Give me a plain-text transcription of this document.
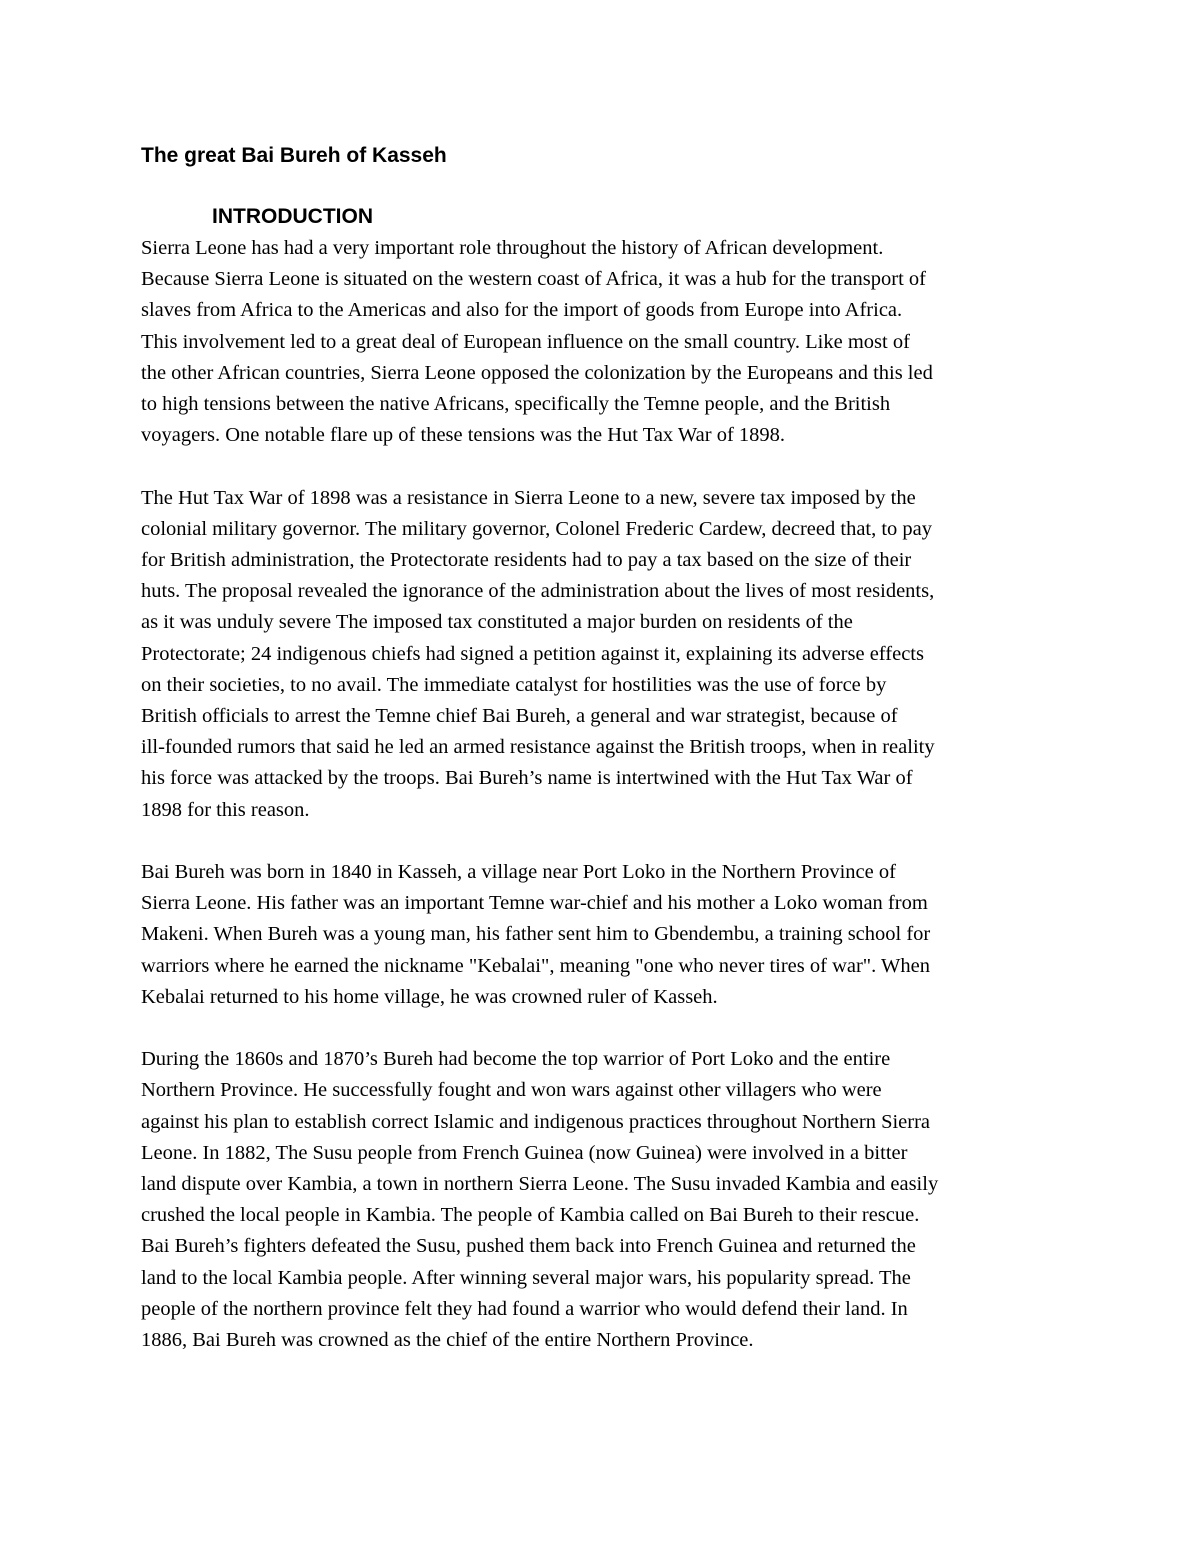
The great Bai Bureh of Kasseh
INTRODUCTION

Sierra Leone has had a very important role throughout the history of African development.
Because Sierra Leone is situated on the western coast of Africa, it was a hub for the transport of
slaves from Africa to the Americas and also for the import of goods from Europe into Africa.
This involvement led to a great deal of European influence on the small country. Like most of
the other African countries, Sierra Leone opposed the colonization by the Europeans and this led
to high tensions between the native Africans, specifically the Temne people, and the British
voyagers. One notable flare up of these tensions was the Hut Tax War of 1898.

The Hut Tax War of 1898 was a resistance in Sierra Leone to a new, severe tax imposed by the
colonial military governor. The military governor, Colonel Frederic Cardew, decreed that, to pay
for British administration, the Protectorate residents had to pay a tax based on the size of their
huts. The proposal revealed the ignorance of the administration about the lives of most residents,
as it was unduly severe The imposed tax constituted a major burden on residents of the
Protectorate; 24 indigenous chiefs had signed a petition against it, explaining its adverse effects
on their societies, to no avail. The immediate catalyst for hostilities was the use of force by
British officials to arrest the Temne chief Bai Bureh, a general and war strategist, because of
ill-founded rumors that said he led an armed resistance against the British troops, when in reality
his force was attacked by the troops. Bai Bureh’s name is intertwined with the Hut Tax War of
1898 for this reason.

Bai Bureh was born in 1840 in Kasseh, a village near Port Loko in the Northern Province of
Sierra Leone. His father was an important Temne war-chief and his mother a Loko woman from
Makeni. When Bureh was a young man, his father sent him to Gbendembu, a training school for
warriors where he earned the nickname "Kebalai", meaning "one who never tires of war". When
Kebalai returned to his home village, he was crowned ruler of Kasseh.

During the 1860s and 1870’s Bureh had become the top warrior of Port Loko and the entire
Northern Province. He successfully fought and won wars against other villagers who were
against his plan to establish correct Islamic and indigenous practices throughout Northern Sierra
Leone. In 1882, The Susu people from French Guinea (now Guinea) were involved in a bitter
land dispute over Kambia, a town in northern Sierra Leone. The Susu invaded Kambia and easily
crushed the local people in Kambia. The people of Kambia called on Bai Bureh to their rescue.
Bai Bureh’s fighters defeated the Susu, pushed them back into French Guinea and returned the
land to the local Kambia people. After winning several major wars, his popularity spread. The
people of the northern province felt they had found a warrior who would defend their land. In
1886, Bai Bureh was crowned as the chief of the entire Northern Province.
